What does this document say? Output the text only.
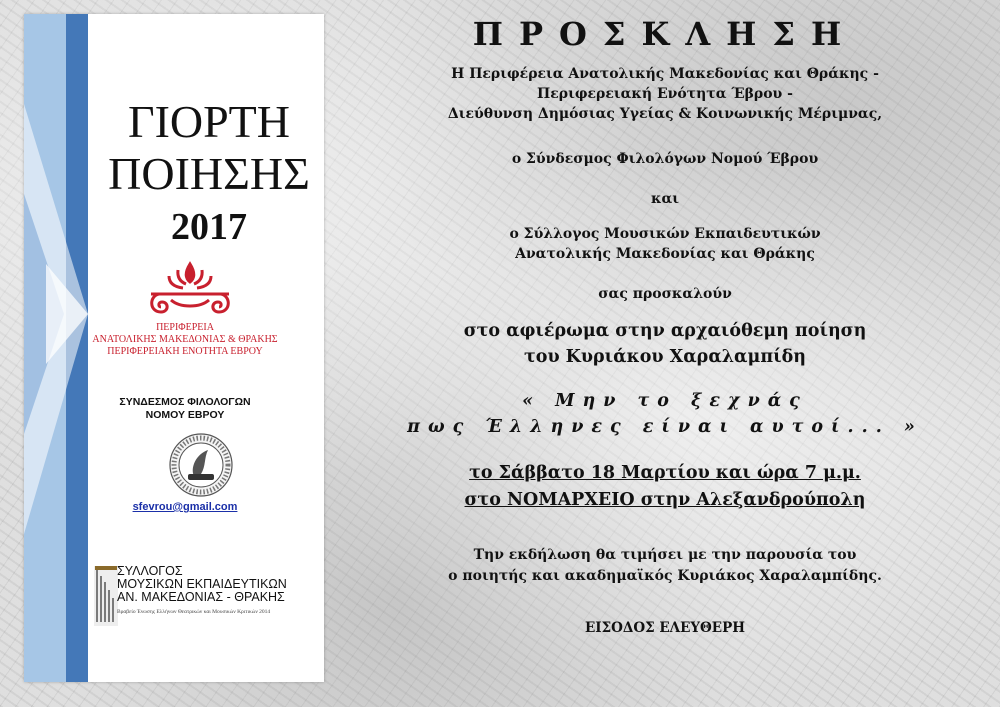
ΓΙΟΡΤΗ
ΠΟΙΗΣΗΣ
2017
ΠΕΡΙΦΕΡΕΙΑ
ΑΝΑΤΟΛΙΚΗΣ ΜΑΚΕΔΟΝΙΑΣ & ΘΡΑΚΗΣ
ΠΕΡΙΦΕΡΕΙΑΚΗ ΕΝΟΤΗΤΑ ΕΒΡΟΥ
ΣΥΝΔΕΣΜΟΣ ΦΙΛΟΛΟΓΩΝ
ΝΟΜΟΥ ΕΒΡΟΥ
sfevrou@gmail.com
ΣΥΛΛΟΓΟΣ
ΜΟΥΣΙΚΩΝ ΕΚΠΑΙΔΕΥΤΙΚΩΝ
ΑΝ. ΜΑΚΕΔΟΝΙΑΣ - ΘΡΑΚΗΣ
Βραβείο Ένωσης Ελλήνων Θεατρικών και Μουσικών Κριτικών 2014
ΠΡΟΣΚΛΗΣΗ
Η Περιφέρεια Ανατολικής Μακεδονίας και Θράκης -
Περιφερειακή Ενότητα Έβρου -
Διεύθυνση Δημόσιας Υγείας & Κοινωνικής Μέριμνας,
ο Σύνδεσμος Φιλολόγων Νομού Έβρου
και
ο Σύλλογος Μουσικών Εκπαιδευτικών
Ανατολικής Μακεδονίας και Θράκης
σας προσκαλούν
στο αφιέρωμα στην αρχαιόθεμη ποίηση
του Κυριάκου Χαραλαμπίδη
« Μην το ξεχνάς
πως Έλληνες είναι αυτοί... »
το Σάββατο 18 Μαρτίου και ώρα 7 μ.μ.
στο ΝΟΜΑΡΧΕΙΟ στην Αλεξανδρούπολη
Την εκδήλωση θα τιμήσει με την παρουσία του
ο ποιητής και ακαδημαϊκός Κυριάκος Χαραλαμπίδης.
ΕΙΣΟΔΟΣ ΕΛΕΥΘΕΡΗ
